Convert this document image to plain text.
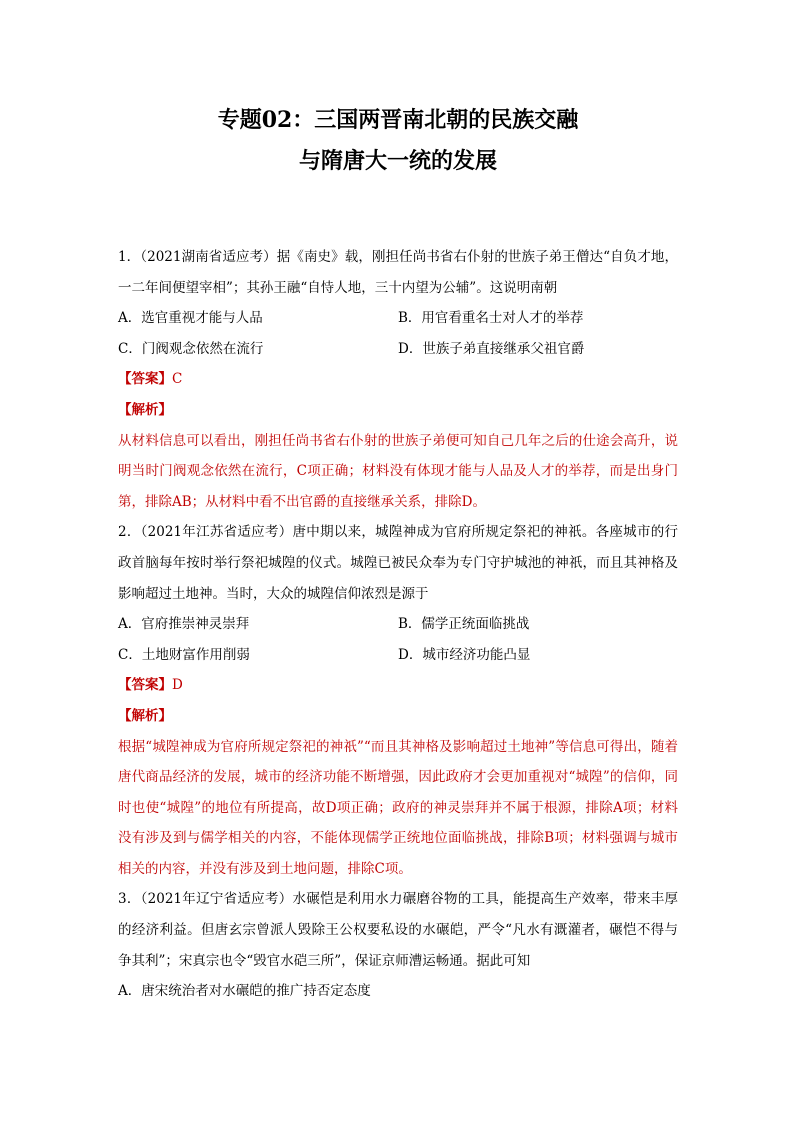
专题02：三国两晋南北朝的民族交融
与隋唐大一统的发展

1．（2021湖南省适应考）据《南史》载，刚担任尚书省右仆射的世族子弟王僧达“自负才地，一二年间便望宰相”；其孙王融“自恃人地，三十内望为公辅”。这说明南朝

A．选官重视才能与人品	B．用官看重名士对人才的举荐
C．门阀观念依然在流行	D．世族子弟直接继承父祖官爵

【答案】C

【解析】

从材料信息可以看出，刚担任尚书省右仆射的世族子弟便可知自己几年之后的仕途会高升，说明当时门阀观念依然在流行，C项正确；材料没有体现才能与人品及人才的举荐，而是出身门第，排除AB；从材料中看不出官爵的直接继承关系，排除D。

2．（2021年江苏省适应考）唐中期以来，城隍神成为官府所规定祭祀的神祇。各座城市的行政首脑每年按时举行祭祀城隍的仪式。城隍已被民众奉为专门守护城池的神祇，而且其神格及影响超过土地神。当时，大众的城隍信仰浓烈是源于

A．官府推崇神灵崇拜	B．儒学正统面临挑战
C．土地财富作用削弱	D．城市经济功能凸显

【答案】D

【解析】

根据“城隍神成为官府所规定祭祀的神祇”“而且其神格及影响超过土地神”等信息可得出，随着唐代商品经济的发展，城市的经济功能不断增强，因此政府才会更加重视对“城隍”的信仰，同时也使“城隍”的地位有所提高，故D项正确；政府的神灵崇拜并不属于根源，排除A项；材料没有涉及到与儒学相关的内容，不能体现儒学正统地位面临挑战，排除B项；材料强调与城市相关的内容，并没有涉及到土地问题，排除C项。

3．（2021年辽宁省适应考）水碾恺是利用水力碾磨谷物的工具，能提高生产效率，带来丰厚的经济利益。但唐玄宗曾派人毁除王公权要私设的水碾皑，严令“凡水有溉灌者，碾恺不得与争其利”；宋真宗也令“毁官水硙三所”，保证京师漕运畅通。据此可知

A．唐宋统治者对水碾皑的推广持否定态度
